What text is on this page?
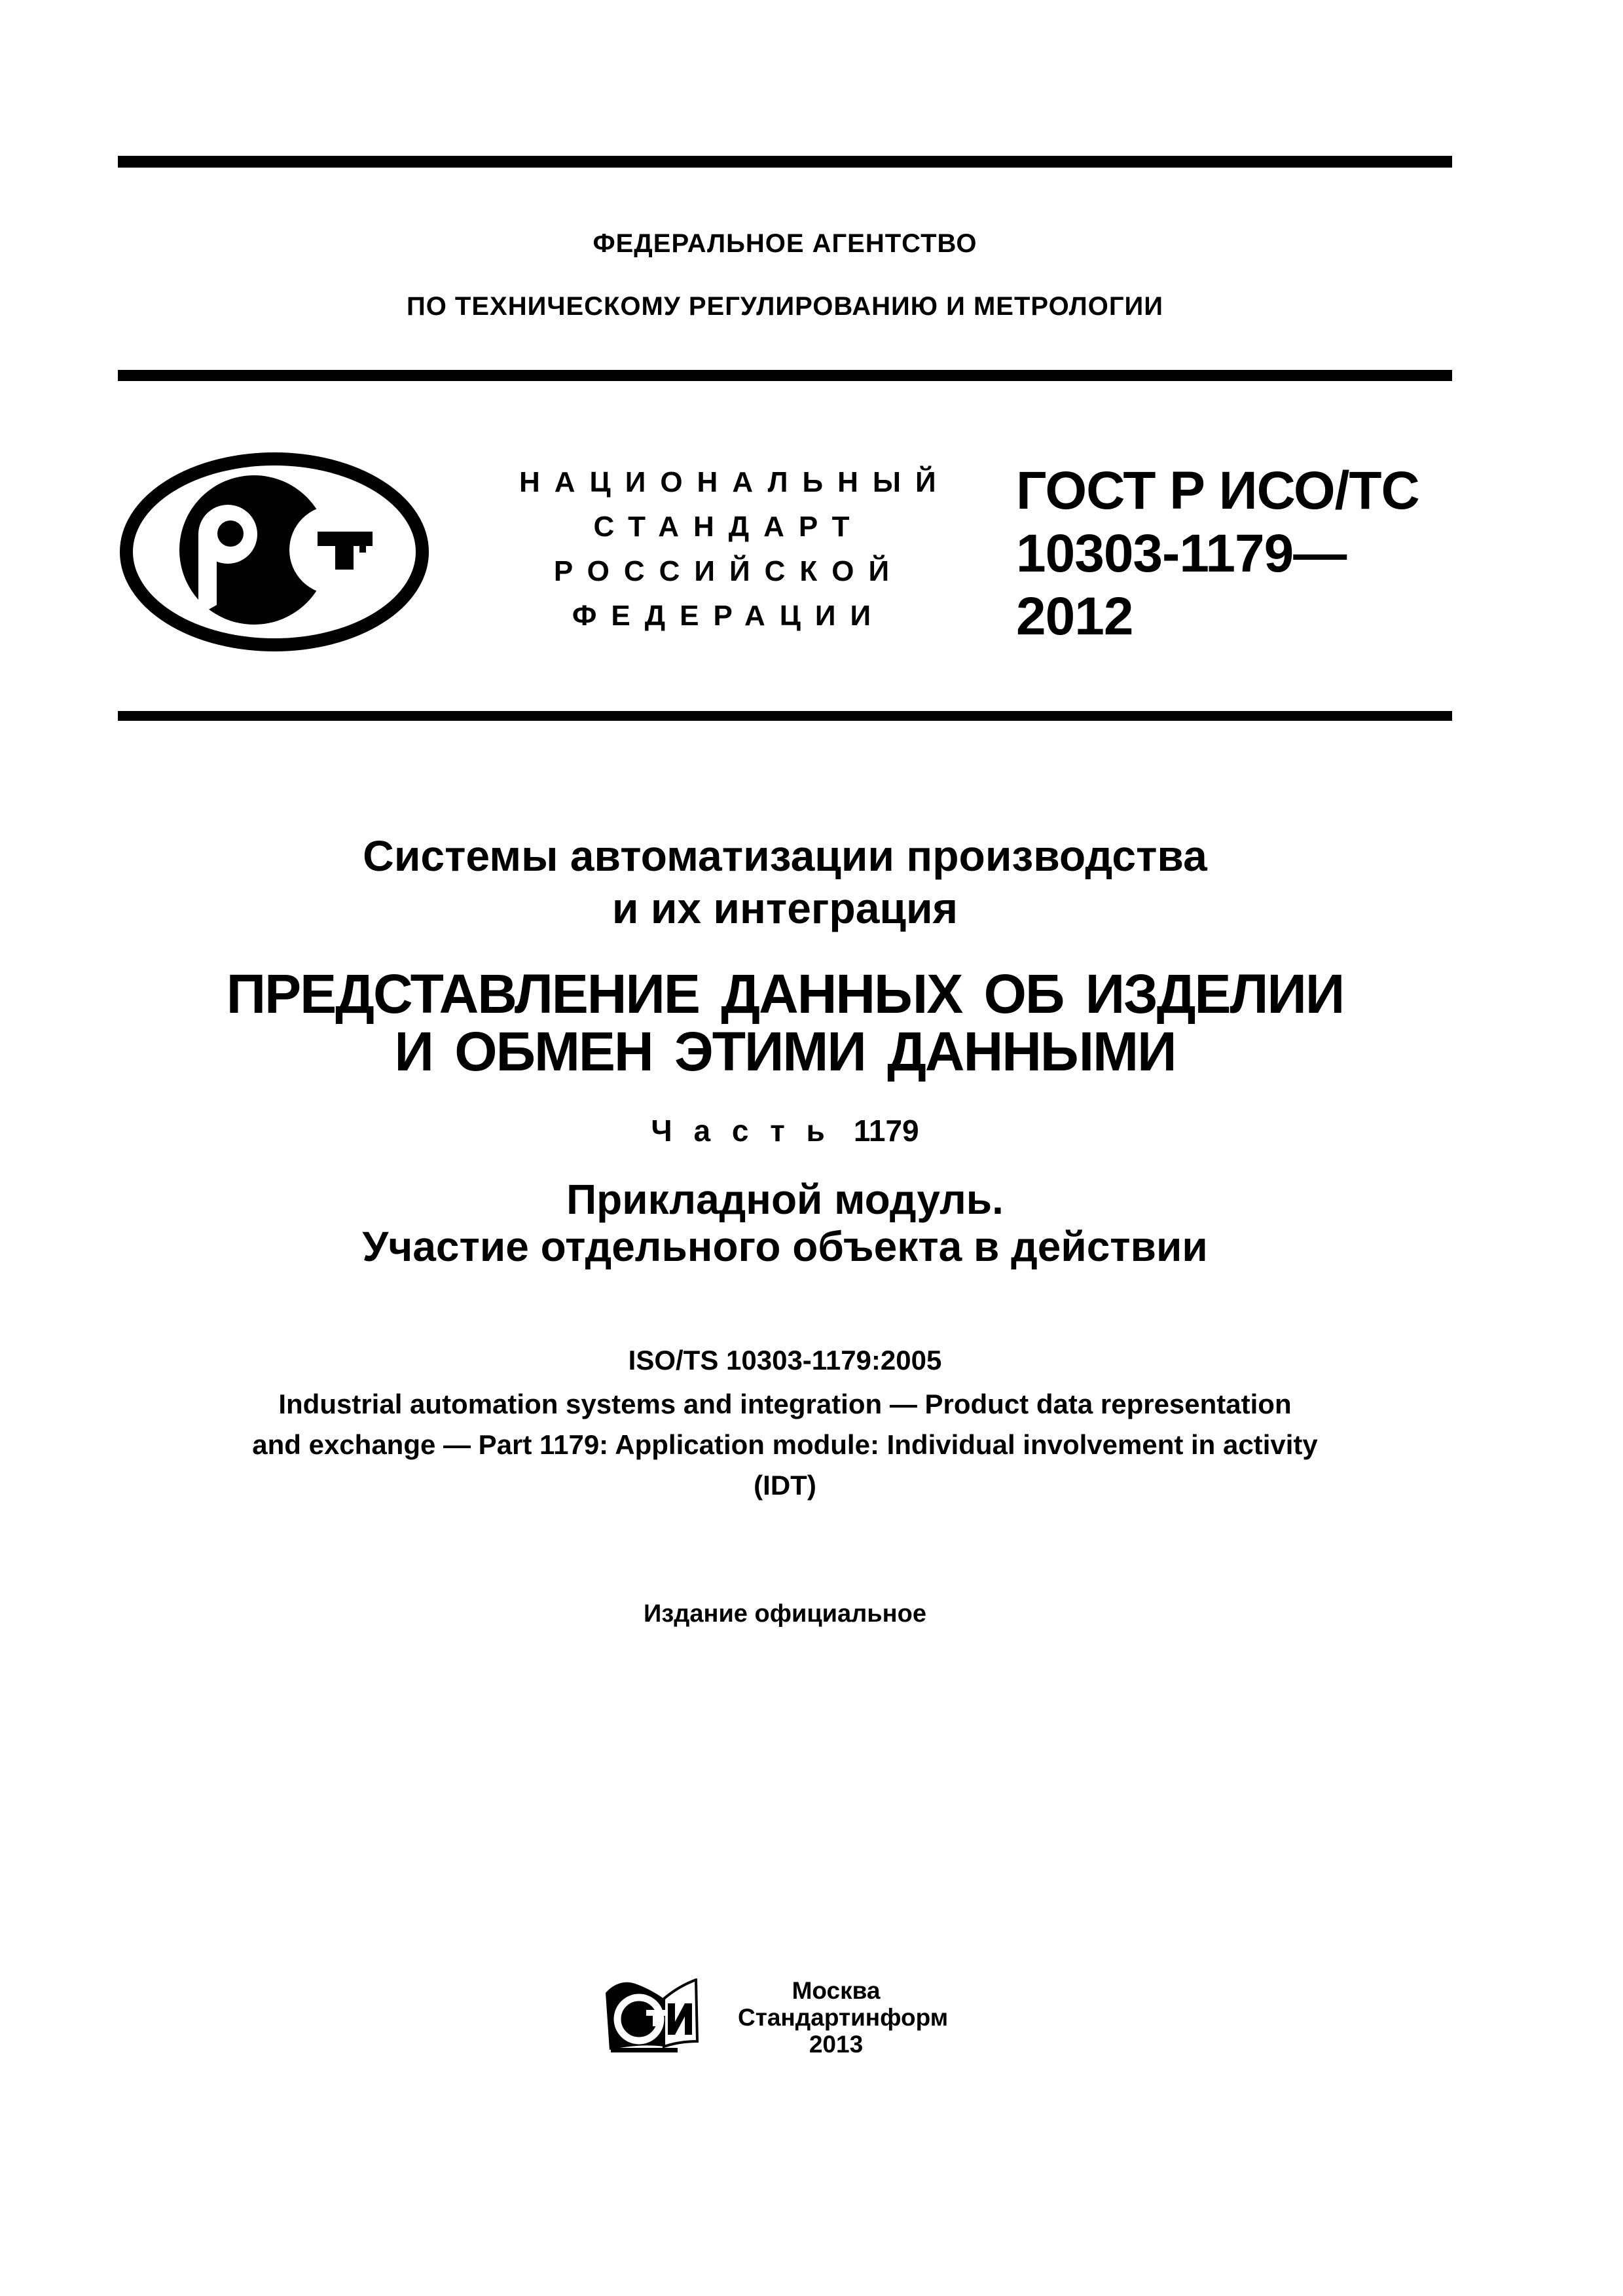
ФЕДЕРАЛЬНОЕ АГЕНТСТВО
ПО ТЕХНИЧЕСКОМУ РЕГУЛИРОВАНИЮ И МЕТРОЛОГИИ
НАЦИОНАЛЬНЫЙ
СТАНДАРТ
РОССИЙСКОЙ
ФЕДЕРАЦИИ
ГОСТ Р ИСО/ТС
10303-1179—
2012
Системы автоматизации производства
и их интеграция
ПРЕДСТАВЛЕНИЕ ДАННЫХ ОБ ИЗДЕЛИИ
И ОБМЕН ЭТИМИ ДАННЫМИ
Ч а с т ь 1179
Прикладной модуль.
Участие отдельного объекта в действии
ISO/TS 10303-1179:2005
Industrial automation systems and integration — Product data representation
and exchange — Part 1179: Application module: Individual involvement in activity
(IDT)
Издание официальное
Москва
Стандартинформ
2013
